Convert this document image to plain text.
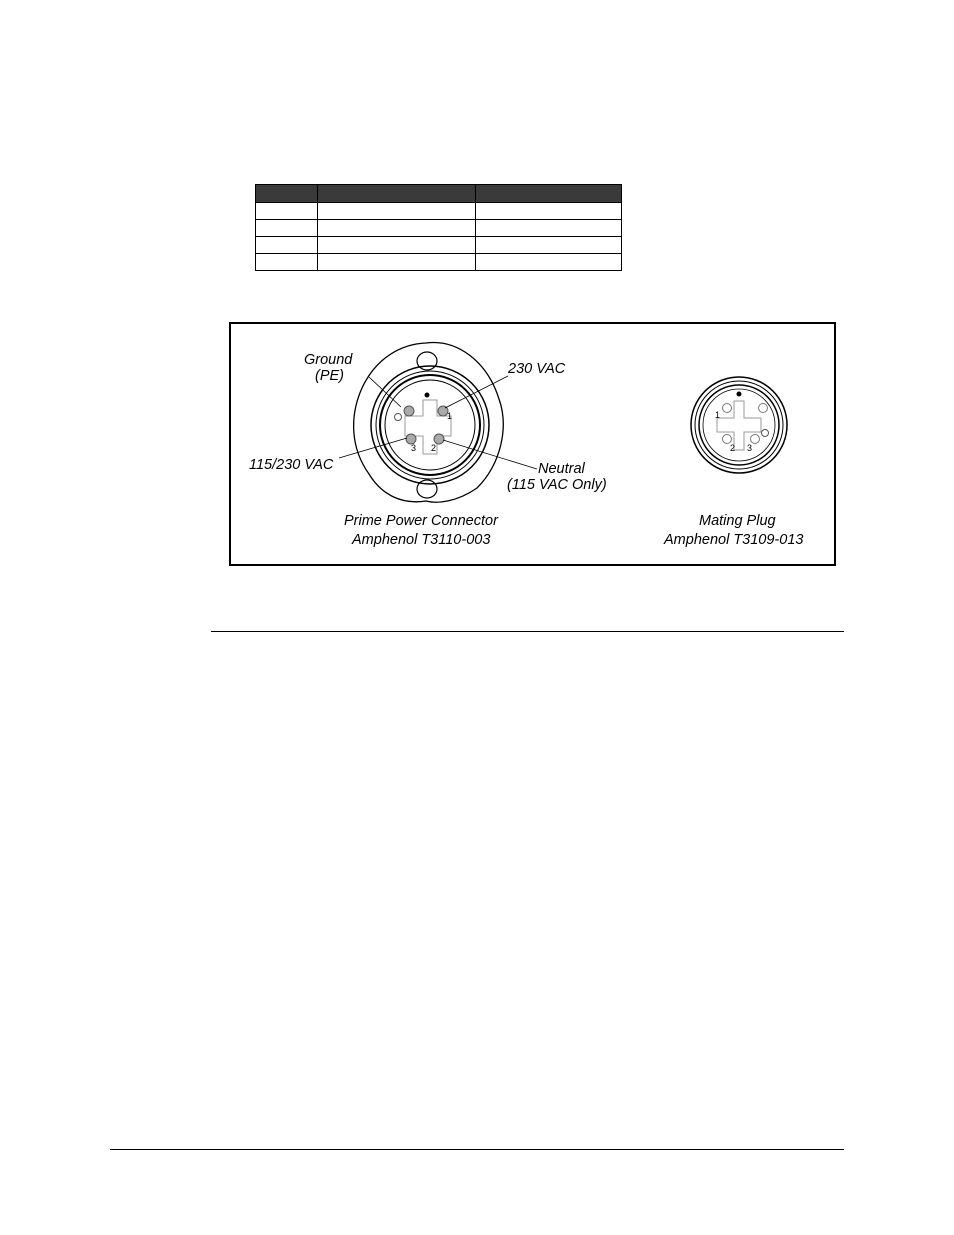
1
2
3
Ground
(PE)	230 VAC
115/230 VAC	Neutral
(115 VAC Only)
Prime Power Connector
Amphenol T3110-003
1
2 3
Mating Plug
Amphenol T3109-013
